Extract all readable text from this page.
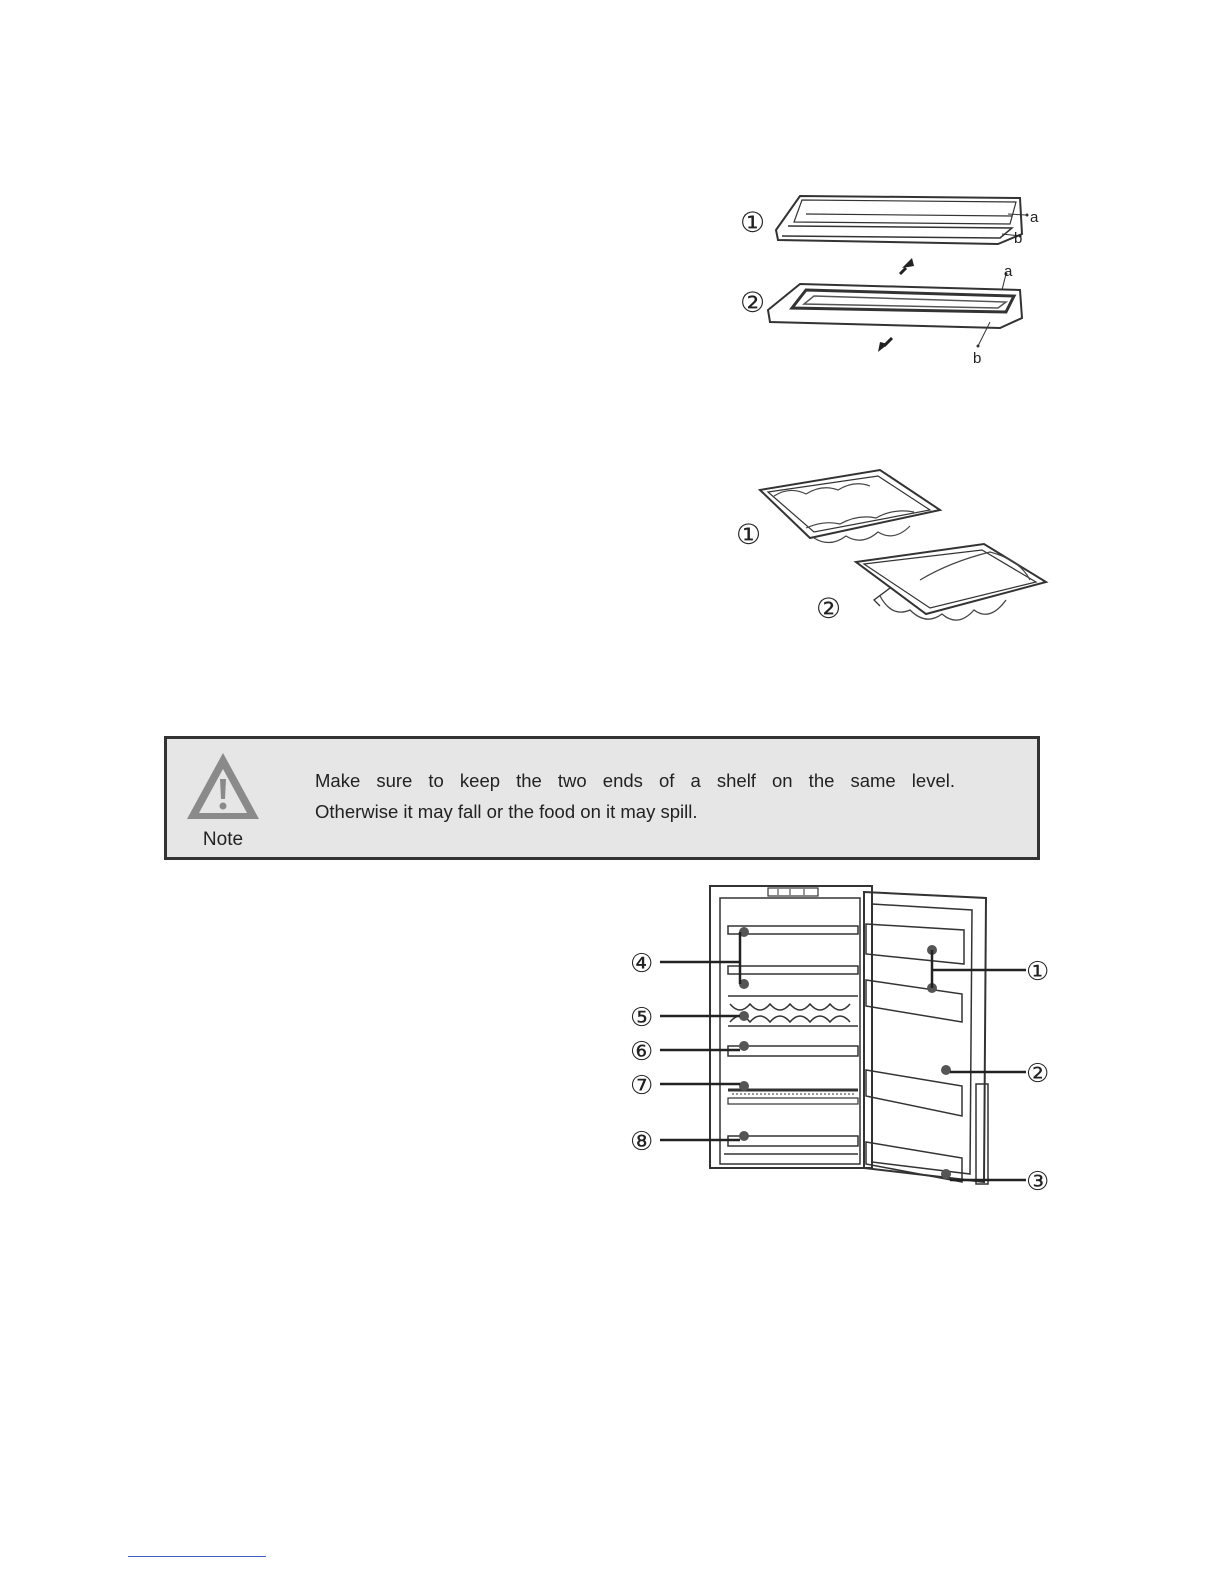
①
②
a
b
a
b
①
②
Note
Make sure to keep the two ends of a shelf on the same level.
Otherwise it may fall or the food on it may spill.
①
②
③
④
⑤
⑥
⑦
⑧
